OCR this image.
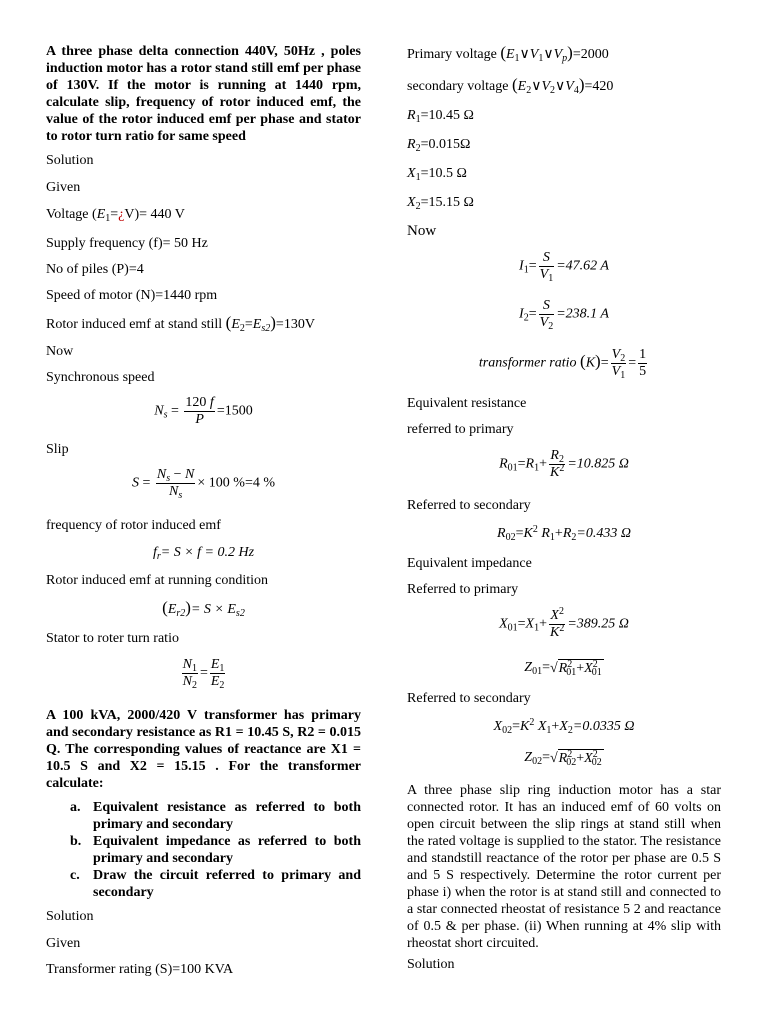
A three phase delta connection 440V, 50Hz , poles induction motor has a rotor stand still emf per phase of 130V. If the motor is running at 1440 rpm, calculate slip, frequency of rotor induced emf, the value of the rotor induced emf per phase and stator to rotor turn ratio for same speed
Solution
Given
Voltage $(E_1=¿V)= 440$ V
Supply frequency (f)= 50 Hz
No of piles (P)=4
Speed of motor (N)=1440 rpm
Rotor induced emf at stand still $(E_2=E_{s2})=130V$
Now
Synchronous speed
$N_s = \frac{120 f}{P} =1500$
Slip
$S = \frac{N_s - N}{N_s} \times 100$ %=4 %
frequency of rotor induced emf
$f_r= S \times f = 0.2$ Hz
Rotor induced emf at running condition
$(E_{r2})= S \times E_{s2}$
Stator to roter turn ratio
$\frac{N_1}{N_2} = \frac{E_1}{E_2}$
A 100 kVA, 2000/420 V transformer has primary and secondary resistance as R1 = 10.45 S, R2 = 0.015 Q. The corresponding values of reactance are X1 = 10.5 S and X2 = 15.15 . For the transformer calculate:
a. Equivalent resistance as referred to both primary and secondary
b. Equivalent impedance as referred to both primary and secondary
c. Draw the circuit referred to primary and secondary
Solution
Given
Transformer rating (S)=100 KVA
Primary voltage $(E_1\vee V_1\vee V_p)=2000$
secondary voltage $(E_2\vee V_2\vee V_4)=420$
$R_1=10.45$ Ω
$R_2=0.015\Omega$
$X_1=10.5$ Ω
$X_2=15.15$ Ω
Now
$I_1= \frac{S}{V_1} =47.62$ A
$I_2= \frac{S}{V_2} =238.1$ A
transformer ratio $(K)= \frac{V_2}{V_1} = \frac{1}{5}$
Equivalent resistance
referred to primary
$R_{01}=R_1+ \frac{R_2}{K^2} =10.825$ Ω
Referred to secondary
$R_{02}=K^2$ $R_1+R_2=0.433$ Ω
Equivalent impedance
Referred to primary
$X_{01}=X_1+ \frac{X^2}{K^2} =389.25$ Ω
$Z_{01}=√R^2_{01}+X^2_{01}$
Referred to secondary
$X_{02}=K^2$ $X_1+X_2=0.0335$ Ω
$Z_{02}=√R^2_{02}+X^2_{02}$
A three phase slip ring induction motor has a star connected rotor. It has an induced emf of 60 volts on open circuit between the slip rings at stand still when the rated voltage is supplied to the stator. The resistance and standstill reactance of the rotor per phase are 0.5 S and 5 S respectively. Determine the rotor current per phase i) when the rotor is at stand still and connected to a star connected rheostat of resistance 5 2 and reactance of 0.5 & per phase. (ii) When running at 4% slip with rheostat short circuited.
Solution
